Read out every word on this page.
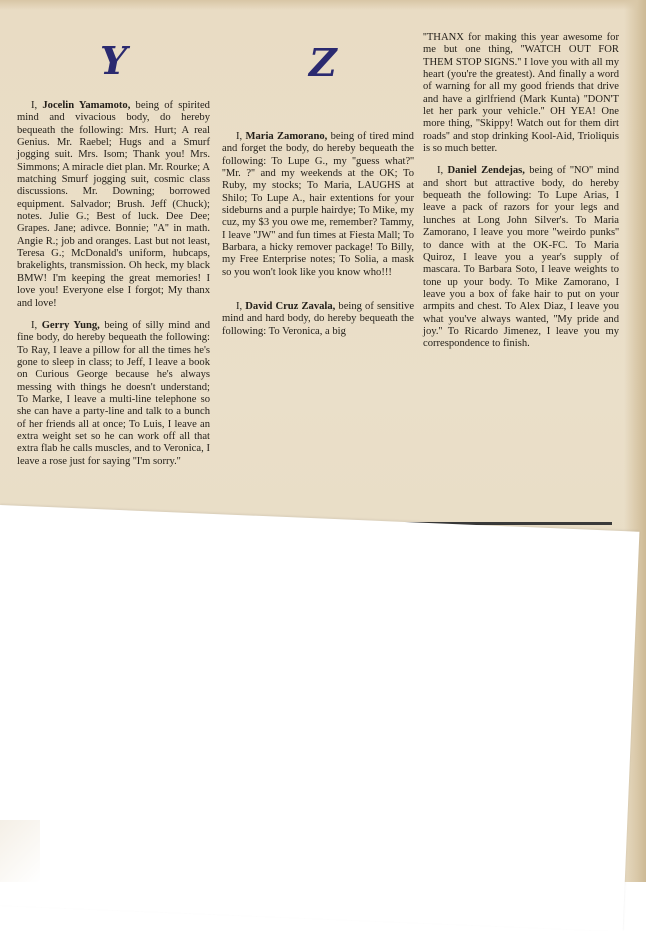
Y	Z

I, Jocelin Yamamoto, being of spirited mind and vivacious body, do hereby bequeath the following: Mrs. Hurt; A real Genius. Mr. Raebel; Hugs and a Smurf jogging suit. Mrs. Isom; Thank you! Mrs. Simmons; A miracle diet plan. Mr. Rourke; A matching Smurf jogging suit, cosmic class discussions. Mr. Downing; borrowed equipment. Salvador; Brush. Jeff (Chuck); notes. Julie G.; Best of luck. Dee Dee; Grapes. Jane; adivce. Bonnie; ''A'' in math. Angie R.; job and oranges. Last but not least, Teresa G.; McDonald's uniform, hubcaps, brakelights, transmission. Oh heck, my black BMW! I'm keeping the great memories! I love you! Everyone else I forgot; My thanx and love!

I, Gerry Yung, being of silly mind and fine body, do hereby bequeath the following: To Ray, I leave a pillow for all the times he's gone to sleep in class; to Jeff, I leave a book on Curious George because he's always messing with things he doesn't understand; To Marke, I leave a multi-line telephone so she can have a party-line and talk to a bunch of her friends all at once; To Luis, I leave an extra weight set so he can work off all that extra flab he calls muscles, and to Veronica, I leave a rose just for saying ''I'm sorry.''

I, Maria Zamorano, being of tired mind and forget the body, do hereby bequeath the following: To Lupe G., my ''guess what?'' ''Mr. ?'' and my weekends at the OK; To Ruby, my stocks; To Maria, LAUGHS at Shilo; To Lupe A., hair extentions for your sideburns and a purple hairdye; To Mike, my cuz, my $3 you owe me, remember? Tammy, I leave ''JW'' and fun times at Fiesta Mall; To Barbara, a hicky remover package! To Billy, my Free Enterprise notes; To Solia, a mask so you won't look like you know who!!!

I, David Cruz Zavala, being of sensitive mind and hard body, do hereby bequeath the following: To Veronica, a big

''THANX for making this year awesome for me but one thing, ''WATCH OUT FOR THEM STOP SIGNS.'' I love you with all my heart (you're the greatest). And finally a word of warning for all my good friends that drive and have a girlfriend (Mark Kunta) ''DON'T let her park your vehicle.'' OH YEA! One more thing, ''Skippy! Watch out for them dirt roads'' and stop drinking Kool-Aid, Trioliquis is so much better.

I, Daniel Zendejas, being of ''NO'' mind and short but attractive body, do hereby bequeath the following: To Lupe Arias, I leave a pack of razors for your legs and lunches at Long John Silver's. To Maria Zamorano, I leave you more ''weirdo punks'' to dance with at the OK-FC. To Maria Quiroz, I leave you a year's supply of mascara. To Barbara Soto, I leave weights to tone up your body. To Mike Zamorano, I leave you a box of fake hair to put on your armpits and chest. To Alex Diaz, I leave you what you've always wanted, ''My pride and joy.'' To Ricardo Jimenez, I leave you my correspondence to finish.
